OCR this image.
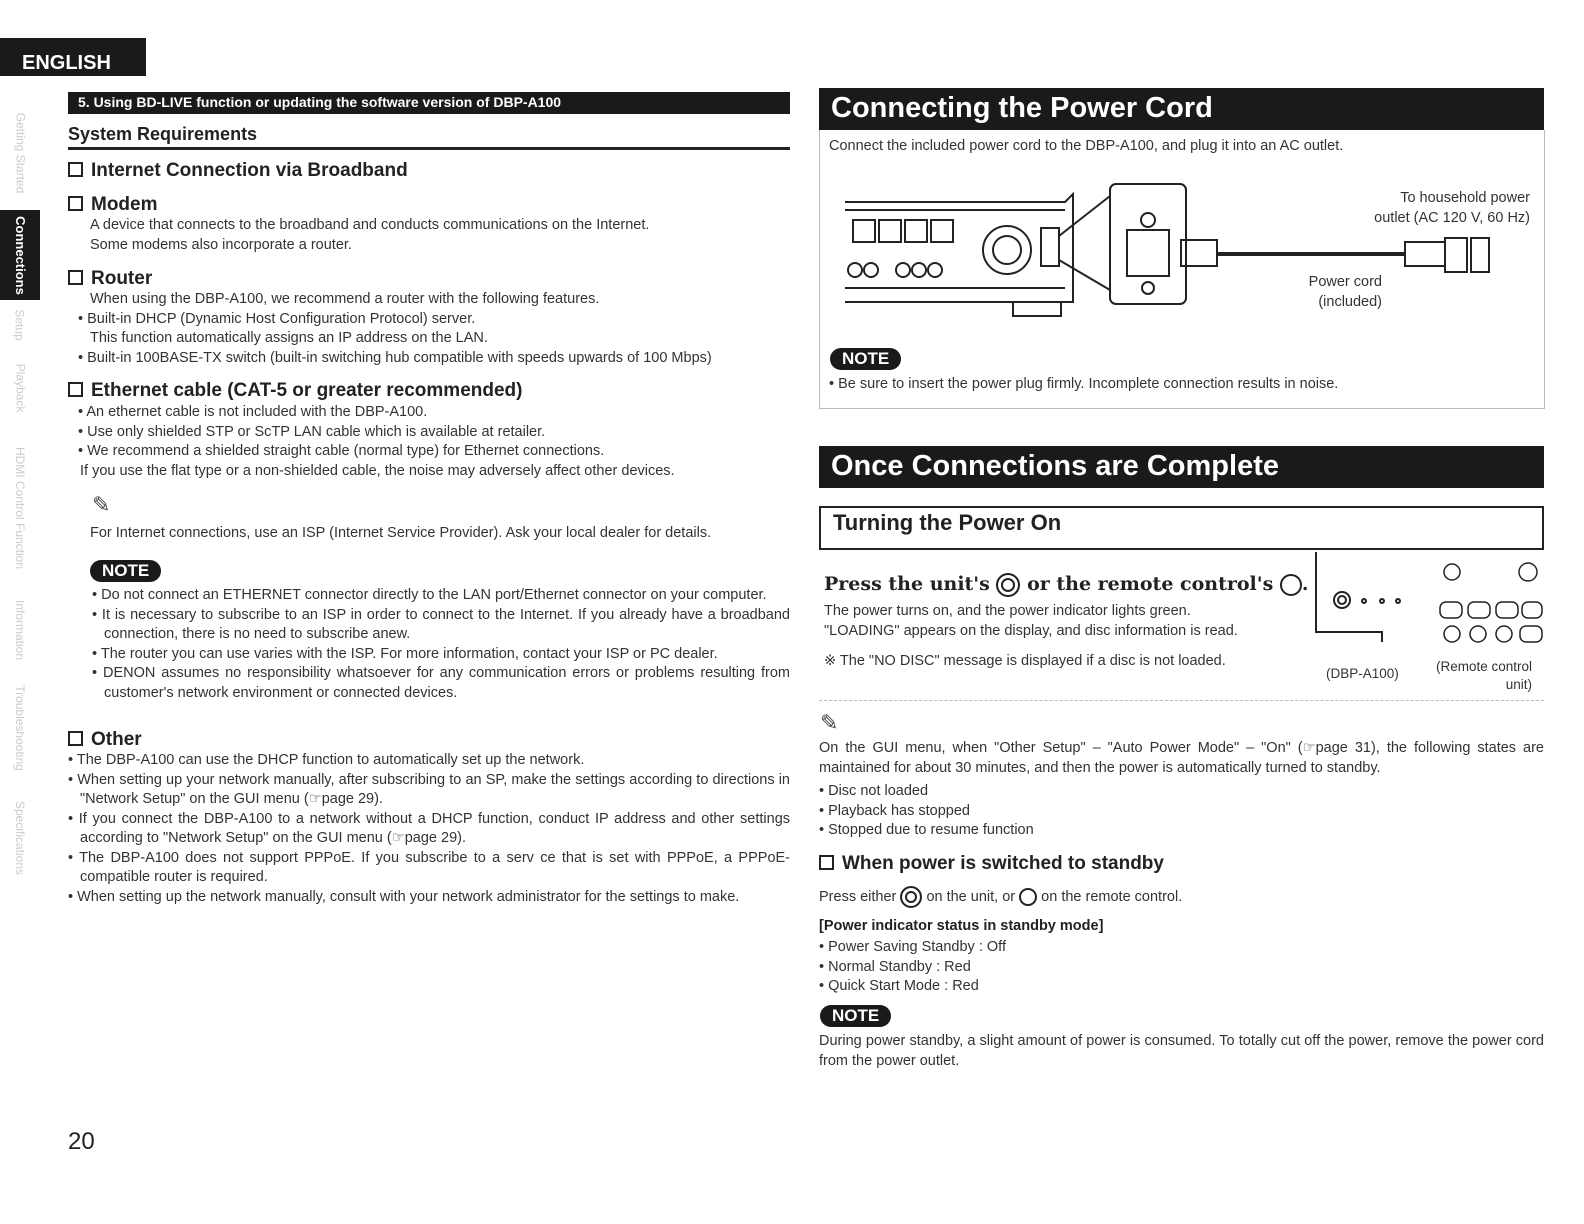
ENGLISH
Getting Started
Connections
Setup
Playback
HDMI Control Function
Information
Troubleshooting
Specifications
5. Using BD-LIVE function or updating the software version of DBP-A100
System Requirements
Internet Connection via Broadband
Modem
A device that connects to the broadband and conducts communications on the Internet.
Some modems also incorporate a router.
Router
When using the DBP-A100, we recommend a router with the following features.
• Built-in DHCP (Dynamic Host Configuration Protocol) server.
This function automatically assigns an IP address on the LAN.
• Built-in 100BASE-TX switch (built-in switching hub compatible with speeds upwards of 100 Mbps)
Ethernet cable (CAT-5 or greater recommended)
• An ethernet cable is not included with the DBP-A100.
• Use only shielded STP or ScTP LAN cable which is available at retailer.
• We recommend a shielded straight cable (normal type) for Ethernet connections.
If you use the flat type or a non-shielded cable, the noise may adversely affect other devices.
✎
For Internet connections, use an ISP (Internet Service Provider). Ask your local dealer for details.
NOTE
• Do not connect an ETHERNET connector directly to the LAN port/Ethernet connector on your computer.
• It is necessary to subscribe to an ISP in order to connect to the Internet. If you already have a broadband connection, there is no need to subscribe anew.
• The router you can use varies with the ISP. For more information, contact your ISP or PC dealer.
• DENON assumes no responsibility whatsoever for any communication errors or problems resulting from customer's network environment or connected devices.
Other
• The DBP-A100 can use the DHCP function to automatically set up the network.
• When setting up your network manually, after subscribing to an SP, make the settings according to directions in "Network Setup" on the GUI menu (☞page 29).
• If you connect the DBP-A100 to a network without a DHCP function, conduct IP address and other settings according to "Network Setup" on the GUI menu (☞page 29).
• The DBP-A100 does not support PPPoE. If you subscribe to a serv ce that is set with PPPoE, a PPPoE-compatible router is required.
• When setting up the network manually, consult with your network administrator for the settings to make.
20
Connecting the Power Cord
Connect the included power cord to the DBP-A100, and plug it into an AC outlet.
To household power
outlet (AC 120 V, 60 Hz)
Power cord
(included)
NOTE
• Be sure to insert the power plug firmly. Incomplete connection results in noise.
Once Connections are Complete
Turning the Power On
Press the unit's or the remote control's .
The power turns on, and the power indicator lights green.
"LOADING" appears on the display, and disc information is read.
※ The "NO DISC" message is displayed if a disc is not loaded.
(DBP-A100)	(Remote control
unit)
✎
On the GUI menu, when "Other Setup" – "Auto Power Mode" – "On" (☞page 31), the following states are maintained for about 30 minutes, and then the power is automatically turned to standby.
• Disc not loaded
• Playback has stopped
• Stopped due to resume function
When power is switched to standby
Press either on the unit, or on the remote control.
[Power indicator status in standby mode]
• Power Saving Standby : Off
• Normal Standby : Red
• Quick Start Mode : Red
NOTE
During power standby, a slight amount of power is consumed. To totally cut off the power, remove the power cord from the power outlet.
